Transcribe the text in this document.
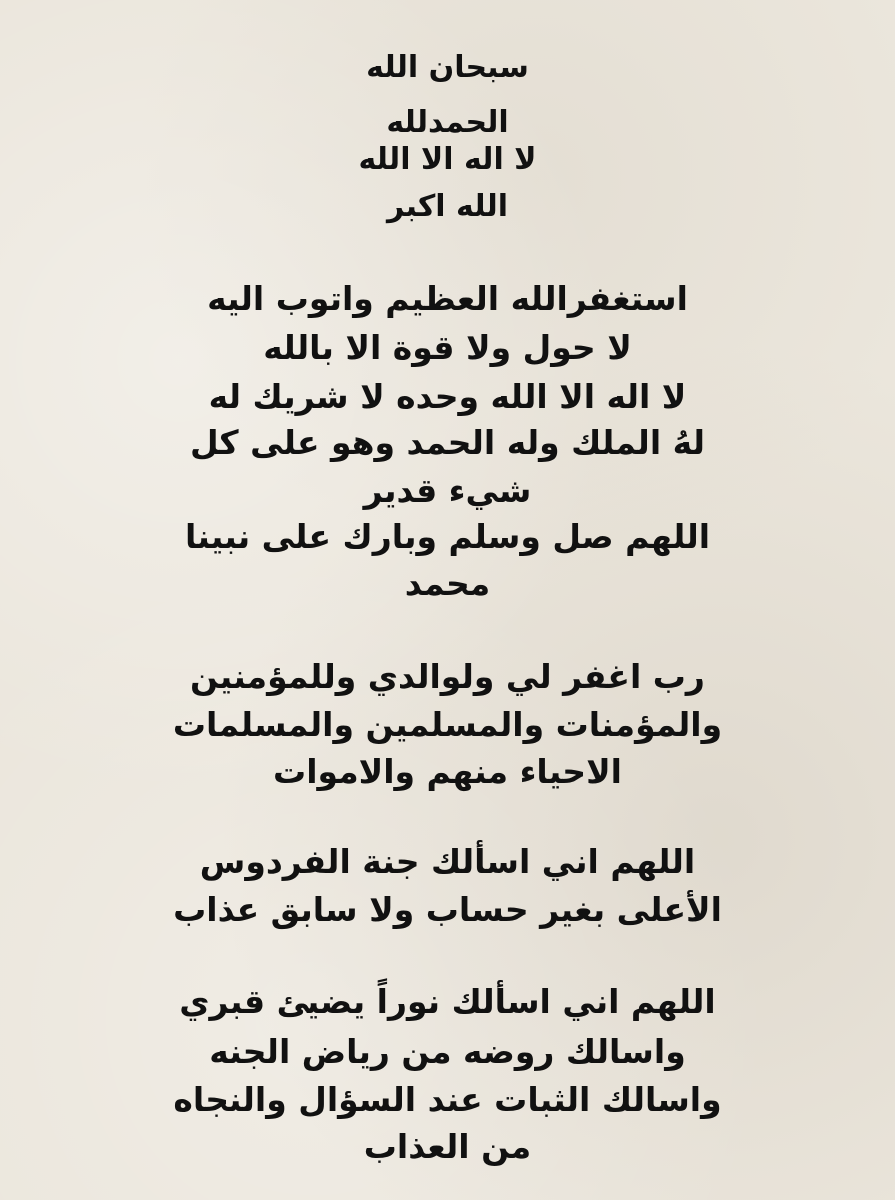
سبحان الله
الحمدلله
لا اله الا الله
الله اكبر
استغفرالله العظيم واتوب اليه
لا حول ولا قوة الا بالله
لا اله الا الله وحده لا شريك له
لهُ الملك وله الحمد وهو على كل
شيء قدير
اللهم صل وسلم وبارك على نبينا
محمد
رب اغفر لي ولوالدي وللمؤمنين
والمؤمنات والمسلمين والمسلمات
الاحياء منهم والاموات
اللهم اني اسألك جنة الفردوس
الأعلى بغير حساب ولا سابق عذاب
اللهم اني اسألك نوراً يضيئ قبري
واسالك روضه من رياض الجنه
واسالك الثبات عند السؤال والنجاه
من العذاب
